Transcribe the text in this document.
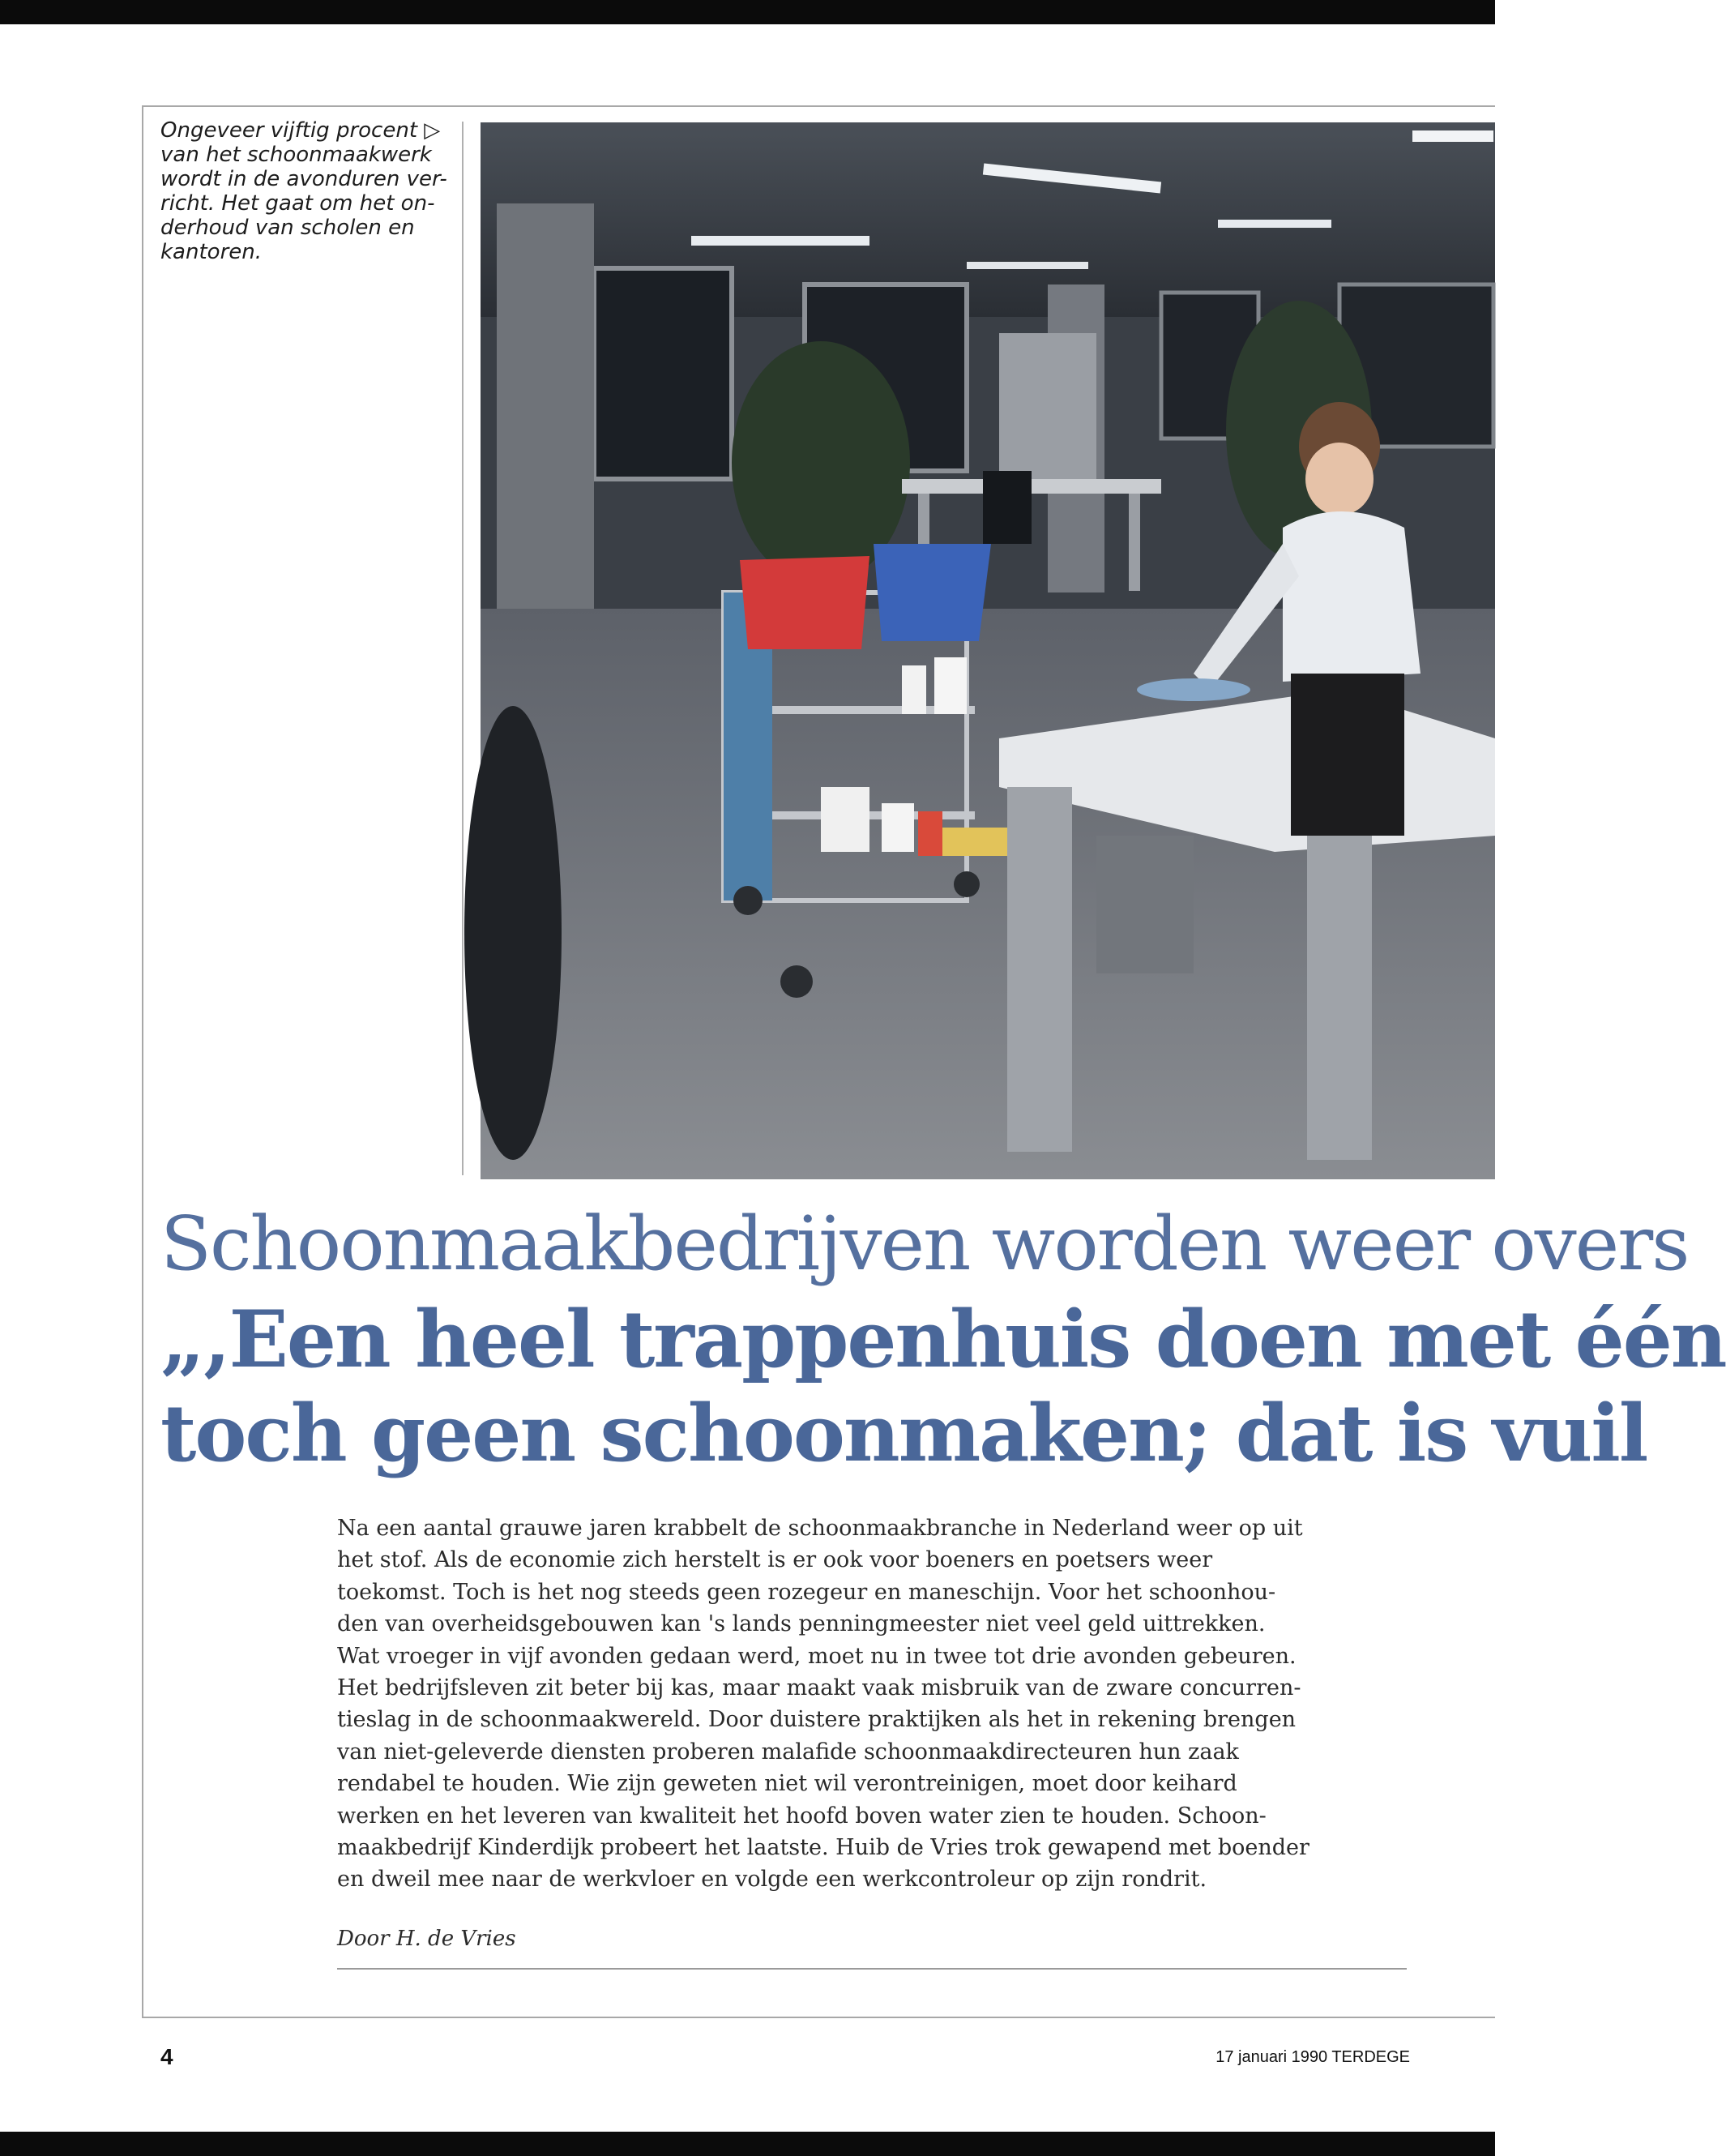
Ongeveer vijftig procent ▷
van het schoonmaakwerk
wordt in de avonduren ver-
richt. Het gaat om het on-
derhoud van scholen en
kantoren.
Schoonmaakbedrijven worden weer overs
„,Een heel trappenhuis doen met één
toch geen schoonmaken; dat is vuil
Na een aantal grauwe jaren krabbelt de schoonmaakbranche in Nederland weer op uit
het stof. Als de economie zich herstelt is er ook voor boeners en poetsers weer
toekomst. Toch is het nog steeds geen rozegeur en maneschijn. Voor het schoonhou-
den van overheidsgebouwen kan 's lands penningmeester niet veel geld uittrekken.
Wat vroeger in vijf avonden gedaan werd, moet nu in twee tot drie avonden gebeuren.
Het bedrijfsleven zit beter bij kas, maar maakt vaak misbruik van de zware concurren-
tieslag in de schoonmaakwereld. Door duistere praktijken als het in rekening brengen
van niet-geleverde diensten proberen malafide schoonmaakdirecteuren hun zaak
rendabel te houden. Wie zijn geweten niet wil verontreinigen, moet door keihard
werken en het leveren van kwaliteit het hoofd boven water zien te houden. Schoon-
maakbedrijf Kinderdijk probeert het laatste. Huib de Vries trok gewapend met boender
en dweil mee naar de werkvloer en volgde een werkcontroleur op zijn rondrit.
Door H. de Vries
4	17 januari 1990 TERDEGE
